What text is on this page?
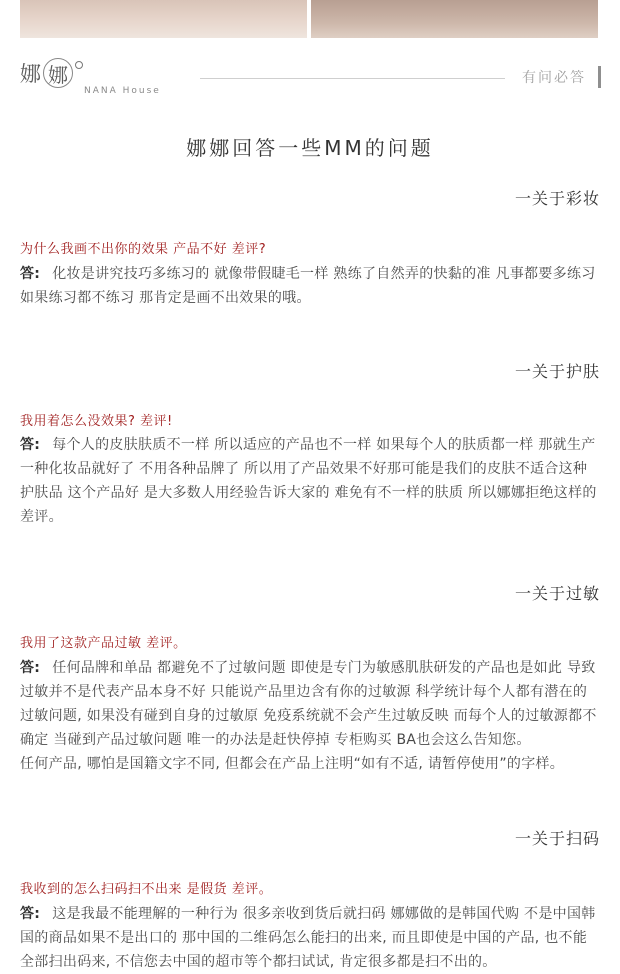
娜 娜
NANA House
有问必答
娜娜回答一些MM的问题
一关于彩妆
为什么我画不出你的效果 产品不好 差评?
答: 化妆是讲究技巧多练习的 就像带假睫毛一样 熟练了自然弄的快黏的准 凡事都要多练习 如果练习都不练习 那肯定是画不出效果的哦。
一关于护肤
我用着怎么没效果? 差评!
答: 每个人的皮肤肤质不一样 所以适应的产品也不一样 如果每个人的肤质都一样 那就生产一种化妆品就好了 不用各种品牌了 所以用了产品效果不好那可能是我们的皮肤不适合这种护肤品 这个产品好 是大多数人用经验告诉大家的 难免有不一样的肤质 所以娜娜拒绝这样的差评。
一关于过敏
我用了这款产品过敏 差评。
答: 任何品牌和单品 都避免不了过敏问题 即使是专门为敏感肌肤研发的产品也是如此 导致过敏并不是代表产品本身不好 只能说产品里边含有你的过敏源 科学统计每个人都有潜在的过敏问题, 如果没有碰到自身的过敏原 免疫系统就不会产生过敏反映 而每个人的过敏源都不确定 当碰到产品过敏问题 唯一的办法是赶快停掉 专柜购买 BA也会这么告知您。
任何产品, 哪怕是国籍文字不同, 但都会在产品上注明“如有不适, 请暂停使用”的字样。
一关于扫码
我收到的怎么扫码扫不出来 是假货 差评。
答: 这是我最不能理解的一种行为 很多亲收到货后就扫码 娜娜做的是韩国代购 不是中国韩国的商品如果不是出口的 那中国的二维码怎么能扫的出来, 而且即使是中国的产品, 也不能全部扫出码来, 不信您去中国的超市等个都扫试试, 肯定很多都是扫不出的。
